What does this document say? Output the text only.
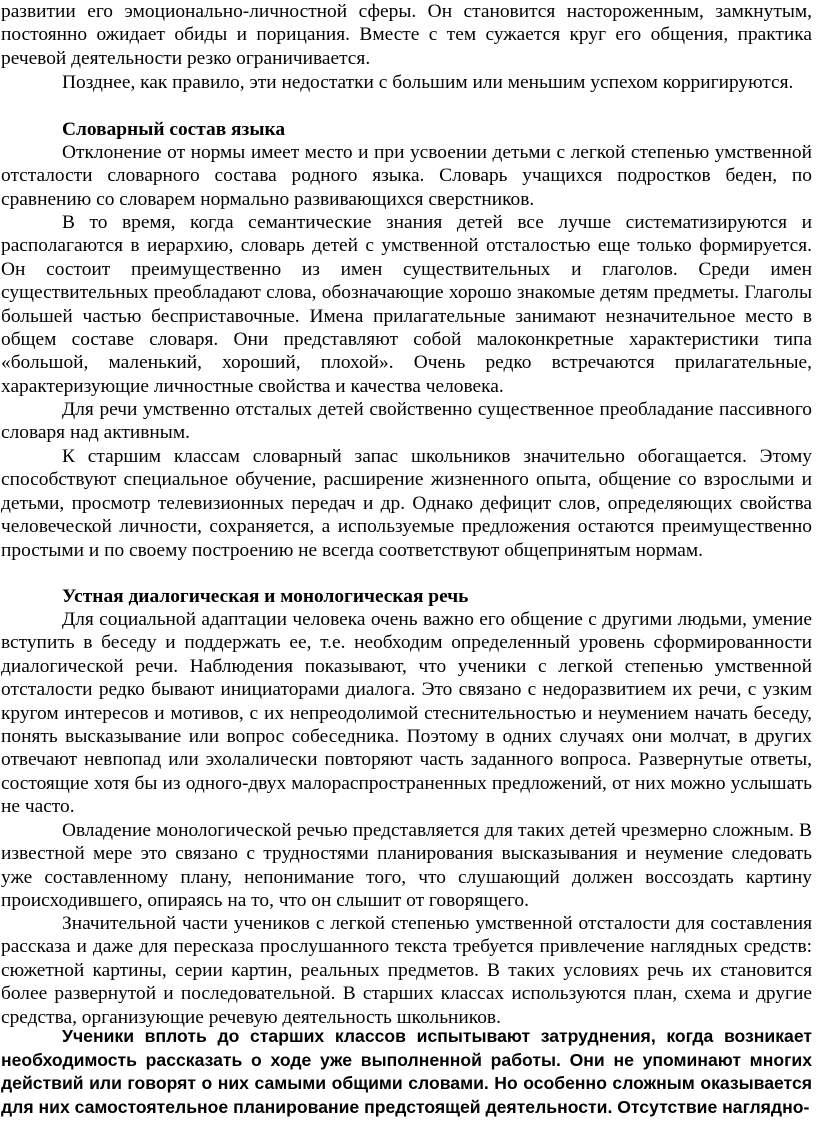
развитии его эмоционально-личностной сферы. Он становится настороженным, замкнутым, постоянно ожидает обиды и порицания. Вместе с тем сужается круг его общения, практика речевой деятельности резко ограничивается.

Позднее, как правило, эти недостатки с большим или меньшим успехом корригируются.

Словарный состав языка

Отклонение от нормы имеет место и при усвоении детьми с легкой степенью умственной отсталости словарного состава родного языка. Словарь учащихся подростков беден, по сравнению со словарем нормально развивающихся сверстников.

В то время, когда семантические знания детей все лучше систематизируются и располагаются в иерархию, словарь детей с умственной отсталостью еще только формируется. Он состоит преимущественно из имен существительных и глаголов. Среди имен существительных преобладают слова, обозначающие хорошо знакомые детям предметы. Глаголы большей частью бесприставочные. Имена прилагательные занимают незначительное место в общем составе словаря. Они представляют собой малоконкретные характеристики типа «большой, маленький, хороший, плохой». Очень редко встречаются прилагательные, характеризующие личностные свойства и качества человека.

Для речи умственно отсталых детей свойственно существенное преобладание пассивного словаря над активным.

К старшим классам словарный запас школьников значительно обогащается. Этому способствуют специальное обучение, расширение жизненного опыта, общение со взрослыми и детьми, просмотр телевизионных передач и др. Однако дефицит слов, определяющих свойства человеческой личности, сохраняется, а используемые предложения остаются преимущественно простыми и по своему построению не всегда соответствуют общепринятым нормам.

Устная диалогическая и монологическая речь

Для социальной адаптации человека очень важно его общение с другими людьми, умение вступить в беседу и поддержать ее, т.е. необходим определенный уровень сформированности диалогической речи. Наблюдения показывают, что ученики с легкой степенью умственной отсталости редко бывают инициаторами диалога. Это связано с недоразвитием их речи, с узким кругом интересов и мотивов, с их непреодолимой стеснительностью и неумением начать беседу, понять высказывание или вопрос собеседника. Поэтому в одних случаях они молчат, в других отвечают невпопад или эхолалически повторяют часть заданного вопроса. Развернутые ответы, состоящие хотя бы из одного-двух малораспространенных предложений, от них можно услышать не часто.

Овладение монологической речью представляется для таких детей чрезмерно сложным. В известной мере это связано с трудностями планирования высказывания и неумение следовать уже составленному плану, непонимание того, что слушающий должен воссоздать картину происходившего, опираясь на то, что он слышит от говорящего.

Значительной части учеников с легкой степенью умственной отсталости для составления рассказа и даже для пересказа прослушанного текста требуется привлечение наглядных средств: сюжетной картины, серии картин, реальных предметов. В таких условиях речь их становится более развернутой и последовательной. В старших классах используются план, схема и другие средства, организующие речевую деятельность школьников.

Ученики вплоть до старших классов испытывают затруднения, когда возникает необходимость рассказать о ходе уже выполненной работы. Они не упоминают многих действий или говорят о них самыми общими словами. Но особенно сложным оказывается для них самостоятельное планирование предстоящей деятельности. Отсутствие наглядно-
